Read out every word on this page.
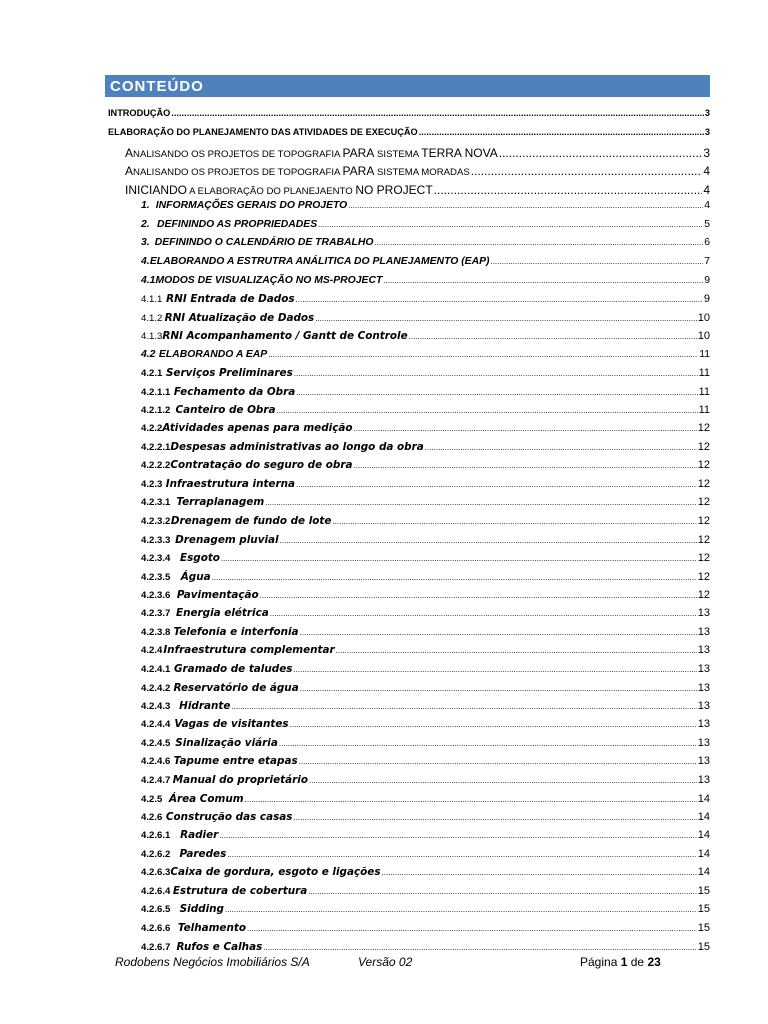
CONTEÚDO
INTRODUÇÃO .....	3
ELABORAÇÃO DO PLANEJAMENTO DAS ATIVIDADES DE EXECUÇÃO .....	3
ANALISANDO OS PROJETOS DE TOPOGRAFIA PARA SISTEMA TERRA NOVA .....	3
ANALISANDO OS PROJETOS DE TOPOGRAFIA PARA SISTEMA MORADAS .....	4
INICIANDO A ELABORAÇÃO DO PLANEJAENTO NO PROJECT .....	4
1. INFORMAÇÕES GERAIS DO PROJETO .....	4
2. DEFININDO AS PROPRIEDADES .....	5
3. DEFININDO O CALENDÁRIO DE TRABALHO .....	6
4. ELABORANDO A ESTRUTRA ANÁLITICA DO PLANEJAMENTO (EAP) .....	7
4.1 MODOS DE VISUALIZAÇÃO NO MS-PROJECT .....	9
4.1.1 RNI Entrada de Dados .....	9
4.1.2 RNI Atualização de Dados .....	10
4.1.3 RNI Acompanhamento / Gantt de Controle .....	10
4.2 ELABORANDO A EAP .....	11
4.2.1 Serviços Preliminares .....	11
4.2.1.1 Fechamento da Obra .....	11
4.2.1.2 Canteiro de Obra .....	11
4.2.2 Atividades apenas para medição .....	12
4.2.2.1 Despesas administrativas ao longo da obra .....	12
4.2.2.2 Contratação do seguro de obra .....	12
4.2.3 Infraestrutura interna .....	12
4.2.3.1 Terraplanagem .....	12
4.2.3.2 Drenagem de fundo de lote .....	12
4.2.3.3 Drenagem pluvial .....	12
4.2.3.4 Esgoto .....	12
4.2.3.5	Água .....	12
4.2.3.6 Pavimentação .....	12
4.2.3.7 Energia elétrica .....	13
4.2.3.8 Telefonia e interfonia .....	13
4.2.4 Infraestrutura complementar .....	13
4.2.4.1 Gramado de taludes .....	13
4.2.4.2 Reservatório de água .....	13
4.2.4.3 Hidrante .....	13
4.2.4.4 Vagas de visitantes .....	13
4.2.4.5 Sinalização viária .....	13
4.2.4.6 Tapume entre etapas .....	13
4.2.4.7 Manual do proprietário .....	13
4.2.5 Área Comum .....	14
4.2.6 Construção das casas .....	14
4.2.6.1 Radier .....	14
4.2.6.2 Paredes .....	14
4.2.6.3 Caixa de gordura, esgoto e ligações .....	14
4.2.6.4 Estrutura de cobertura .....	15
4.2.6.5 Sidding .....	15
4.2.6.6 Telhamento .....	15
4.2.6.7 Rufos e Calhas .....	15
Rodobens Negócios Imobiliários S/A	Versão 02	Página 1 de 23
